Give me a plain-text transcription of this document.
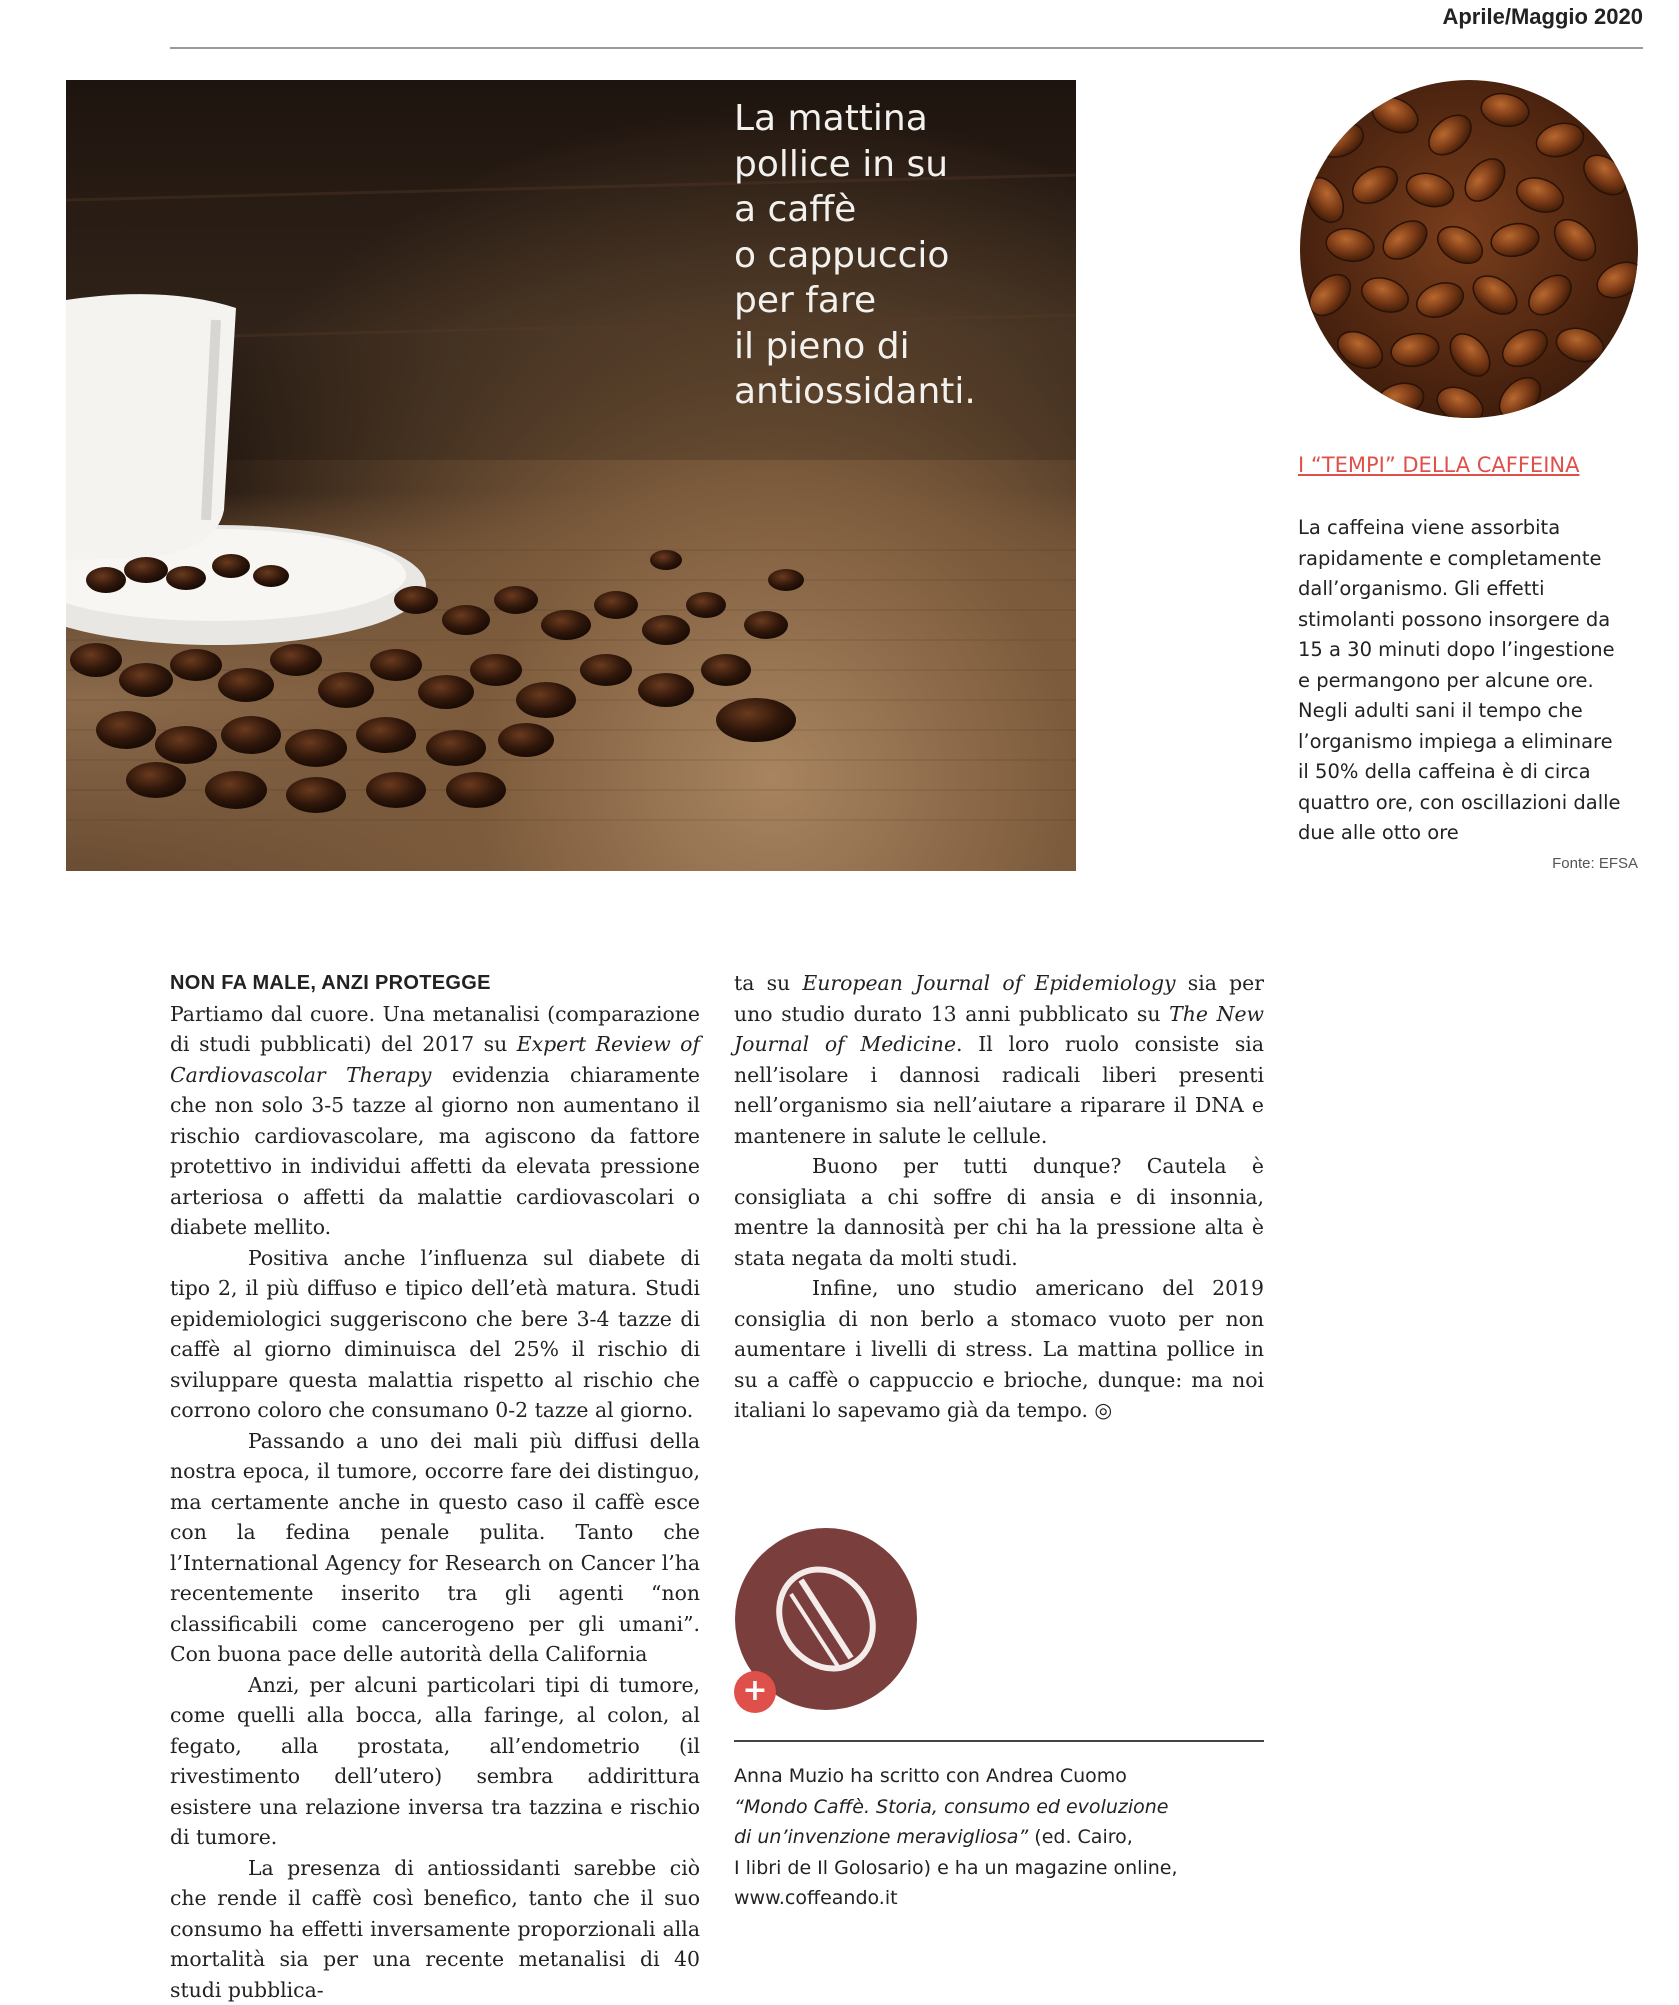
Aprile/Maggio 2020
La mattina
pollice in su
a caffè
o cappuccio
per fare
il pieno di
antiossidanti.
I “TEMPI” DELLA CAFFEINA
La caffeina viene assorbita
rapidamente e completamente
dall’organismo. Gli effetti
stimolanti possono insorgere da
15 a 30 minuti dopo l’ingestione
e permangono per alcune ore.
Negli adulti sani il tempo che
l’organismo impiega a eliminare
il 50% della caffeina è di circa
quattro ore, con oscillazioni dalle
due alle otto ore
Fonte: EFSA

NON FA MALE, ANZI PROTEGGE

Partiamo dal cuore. Una metanalisi (comparazione di studi pubblicati) del 2017 su Expert Review of Cardiovascolar Therapy evidenzia chiaramente che non solo 3-5 tazze al giorno non aumentano il rischio cardiovascolare, ma agiscono da fattore protettivo in individui affetti da elevata pressione arteriosa o affetti da malattie cardiovascolari o diabete mellito.

Positiva anche l’influenza sul diabete di tipo 2, il più diffuso e tipico dell’età matura. Studi epidemiologici suggeriscono che bere 3-4 tazze di caffè al giorno diminuisca del 25% il rischio di sviluppare questa malattia rispetto al rischio che corrono coloro che consumano 0-2 tazze al giorno.

Passando a uno dei mali più diffusi della nostra epoca, il tumore, occorre fare dei distinguo, ma certamente anche in questo caso il caffè esce con la fedina penale pulita. Tanto che l’International Agency for Research on Cancer l’ha recentemente inserito tra gli agenti “non classificabili come cancerogeno per gli umani”. Con buona pace delle autorità della California

Anzi, per alcuni particolari tipi di tumore, come quelli alla bocca, alla faringe, al colon, al fegato, alla prostata, all’endometrio (il rivestimento dell’utero) sembra addirittura esistere una relazione inversa tra tazzina e rischio di tumore.

La presenza di antiossidanti sarebbe ciò che rende il caffè così benefico, tanto che il suo consumo ha effetti inversamente proporzionali alla mortalità sia per una recente metanalisi di 40 studi pubblica-

ta su European Journal of Epidemiology sia per uno studio durato 13 anni pubblicato su The New Journal of Medicine. Il loro ruolo consiste sia nell’isolare i dannosi radicali liberi presenti nell’organismo sia nell’aiutare a riparare il DNA e mantenere in salute le cellule.

Buono per tutti dunque? Cautela è consigliata a chi soffre di ansia e di insonnia, mentre la dannosità per chi ha la pressione alta è stata negata da molti studi.

Infine, uno studio americano del 2019 consiglia di non berlo a stomaco vuoto per non aumentare i livelli di stress. La mattina pollice in su a caffè o cappuccio e brioche, dunque: ma noi italiani lo sapevamo già da tempo. ◎

+

Anna Muzio ha scritto con Andrea Cuomo

“Mondo Caffè. Storia, consumo ed evoluzione

di un’invenzione meravigliosa” (ed. Cairo,

I libri de Il Golosario) e ha un magazine online,

www.coffeando.it
